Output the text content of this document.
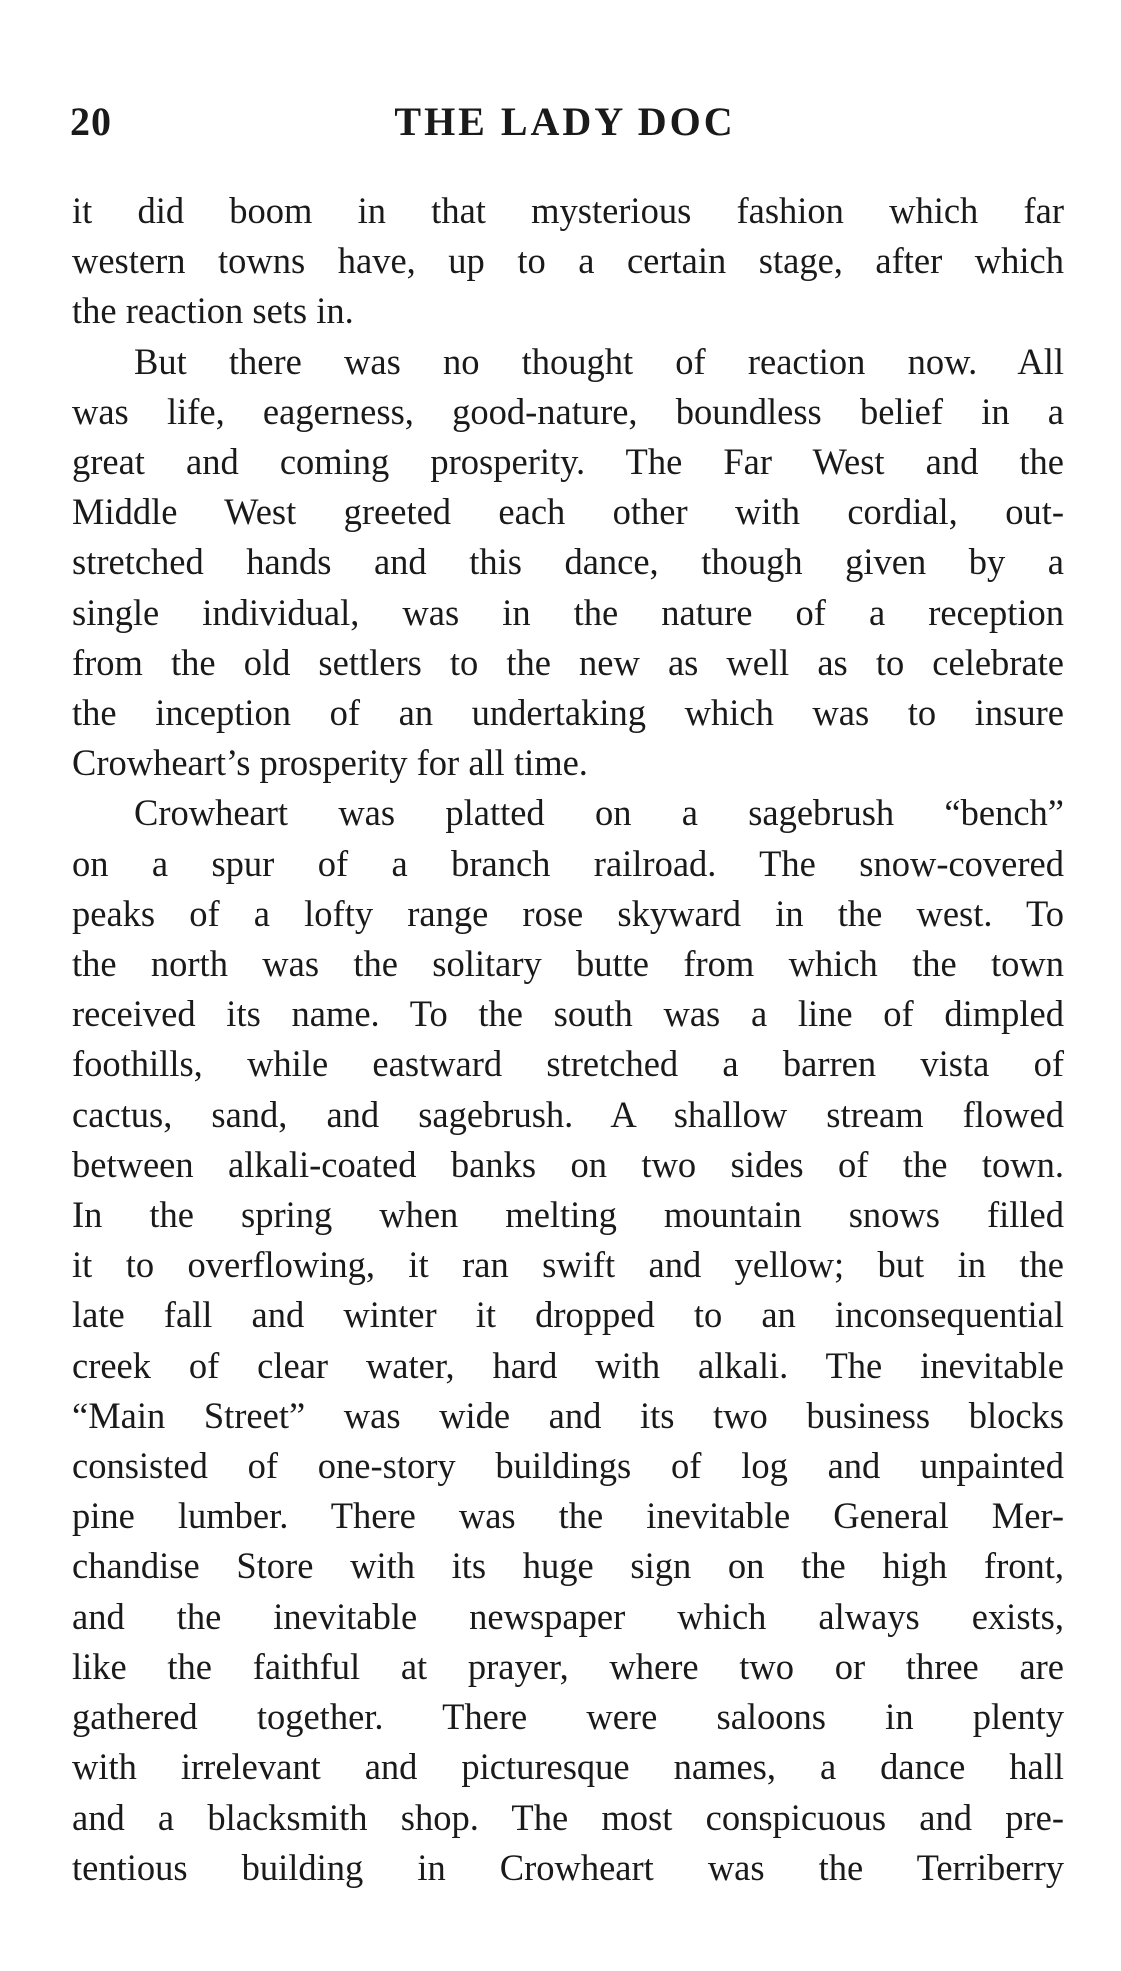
THE LADY DOC
20
it did boom in that mysterious fashion which far
western towns have, up to a certain stage, after which
the reaction sets in.
But there was no thought of reaction now. All
was life, eagerness, good-nature, boundless belief in a
great and coming prosperity. The Far West and the
Middle West greeted each other with cordial, out-
stretched hands and this dance, though given by a
single individual, was in the nature of a reception
from the old settlers to the new as well as to celebrate
the inception of an undertaking which was to insure
Crowheart’s prosperity for all time.
Crowheart was platted on a sagebrush “bench”
on a spur of a branch railroad. The snow-covered
peaks of a lofty range rose skyward in the west. To
the north was the solitary butte from which the town
received its name. To the south was a line of dimpled
foothills, while eastward stretched a barren vista of
cactus, sand, and sagebrush. A shallow stream flowed
between alkali-coated banks on two sides of the town.
In the spring when melting mountain snows filled
it to overflowing, it ran swift and yellow; but in the
late fall and winter it dropped to an inconsequential
creek of clear water, hard with alkali. The inevitable
“Main Street” was wide and its two business blocks
consisted of one-story buildings of log and unpainted
pine lumber. There was the inevitable General Mer-
chandise Store with its huge sign on the high front,
and the inevitable newspaper which always exists,
like the faithful at prayer, where two or three are
gathered together. There were saloons in plenty
with irrelevant and picturesque names, a dance hall
and a blacksmith shop. The most conspicuous and pre-
tentious building in Crowheart was the Terriberry
